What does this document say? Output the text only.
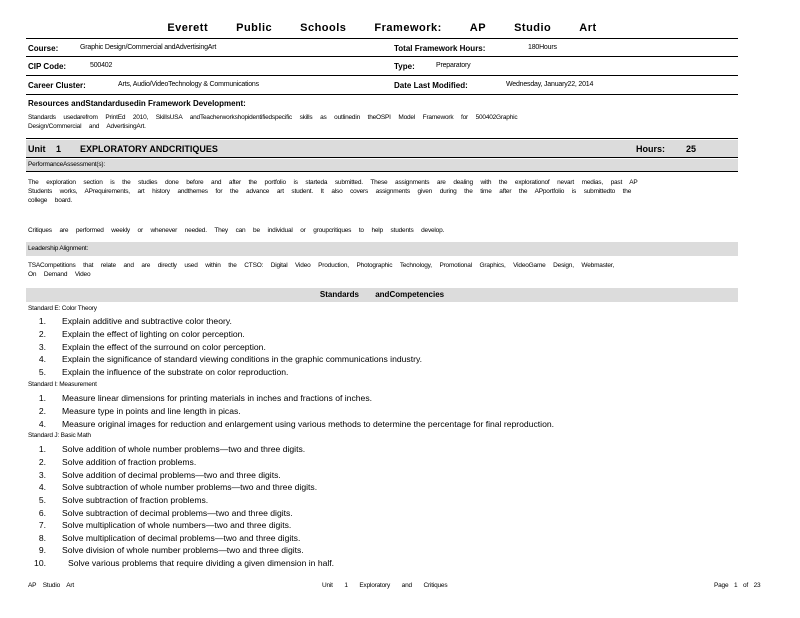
Everett	Public	Schools	Framework:	AP	Studio	Art
Course:	Graphic Design/Commercial andAdvertisingArt	Total Framework Hours:	180Hours
CIP Code:	500402	Type:	Preparatory
Career Cluster:	Arts, Audio/VideoTechnology & Communications	Date Last Modified:	Wednesday, January22, 2014
Resources andStandardusedin Framework Development:
Standards usedarefrom PrintEd 2010, SkillsUSA andTeacherworkshopidentifiedspecific skills as outlinedin theOSPI Model Framework for 500402Graphic
Design/Commercial and AdvertisingArt.
Unit 1 EXPLORATORY ANDCRITIQUES	Hours: 25
PerformanceAssessment(s):
The exploration section is the studies done before and after the portfolio is starteda submitted. These assignments are dealing with the explorationof nevart medias, past AP
Students works, APrequirements, art history andthemes for the advance art student. It also covers assignments given during the time after the APportfolio is submittedto the
college board.
Critiques are performed weekly or whenever needed. They can be individual or groupcritiques to help students develop.
Leadership Alignment:
TSACompetitions that relate and are directly used within the CTSO: Digital Video Production, Photographic Technology, Promotional Graphics, VideoGame Design, Webmaster,
On Demand Video
Standards andCompetencies
Standard E: Color Theory
1. Explain additive and subtractive color theory.
2. Explain the effect of lighting on color perception.
3. Explain the effect of the surround on color perception.
4. Explain the significance of standard viewing conditions in the graphic communications industry.
5. Explain the influence of the substrate on color reproduction.
Standard I: Measurement
1. Measure linear dimensions for printing materials in inches and fractions of inches.
2. Measure type in points and line length in picas.
4. Measure original images for reduction and enlargement using various methods to determine the percentage for final reproduction.
Standard J: Basic Math
1. Solve addition of whole number problems—two and three digits.
2. Solve addition of fraction problems.
3. Solve addition of decimal problems—two and three digits.
4. Solve subtraction of whole number problems—two and three digits.
5. Solve subtraction of fraction problems.
6. Solve subtraction of decimal problems—two and three digits.
7. Solve multiplication of whole numbers—two and three digits.
8. Solve multiplication of decimal problems—two and three digits.
9. Solve division of whole number problems—two and three digits.
10.	Solve various problems that require dividing a given dimension in half.
AP Studio Art	Unit 1 Exploratory and Critiques	Page 1 of 23
